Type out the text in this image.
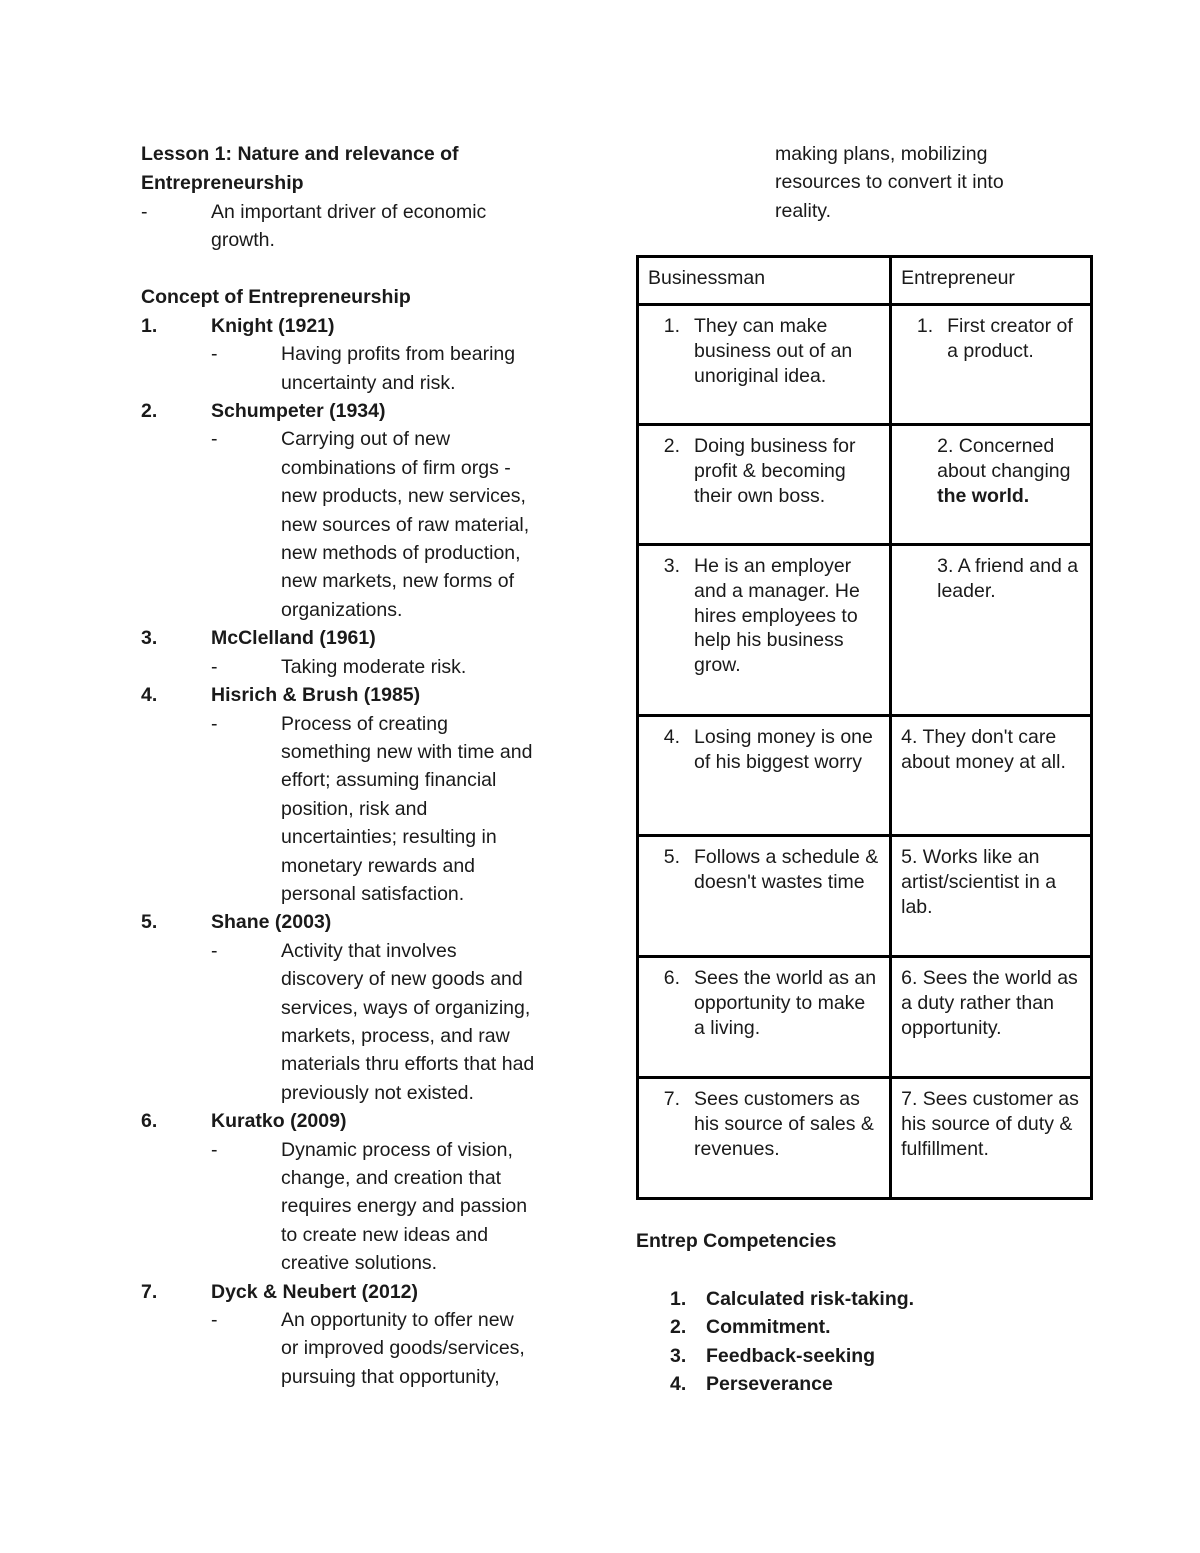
Lesson 1: Nature and relevance of
Entrepreneurship
-	An important driver of economic
growth.
Concept of Entrepreneurship
1.	Knight (1921)
-	Having profits from bearing
uncertainty and risk.
2.	Schumpeter (1934)
-	Carrying out of new
combinations of firm orgs -
new products, new services,
new sources of raw material,
new methods of production,
new markets, new forms of
organizations.
3.	McClelland (1961)
-	Taking moderate risk.
4.	Hisrich & Brush (1985)
-	Process of creating
something new with time and
effort; assuming financial
position, risk and
uncertainties; resulting in
monetary rewards and
personal satisfaction.
5.	Shane (2003)
-	Activity that involves
discovery of new goods and
services, ways of organizing,
markets, process, and raw
materials thru efforts that had
previously not existed.
6.	Kuratko (2009)
-	Dynamic process of vision,
change, and creation that
requires energy and passion
to create new ideas and
creative solutions.
7.	Dyck & Neubert (2012)
-	An opportunity to offer new
or improved goods/services,
pursuing that opportunity,
making plans, mobilizing
resources to convert it into
reality.
Businessman	Entrepreneur

1. They can make business out of an unoriginal idea.	1. First creator of a product.

2. Doing business for profit & becoming their own boss.	2. Concerned about changing the world.

3. He is an employer and a manager. He hires employees to help his business grow.	3. A friend and a leader.

4. Losing money is one of his biggest worry	4. They don't care about money at all.

5. Follows a schedule & doesn't wastes time	5. Works like an artist/scientist in a lab.

6. Sees the world as an opportunity to make a living.	6. Sees the world as a duty rather than opportunity.

7. Sees customers as his source of sales & revenues.	7. Sees customer as his source of duty & fulfillment.
Entrep Competencies
1.	Calculated risk-taking.
2.	Commitment.
3.	Feedback-seeking
4.	Perseverance
